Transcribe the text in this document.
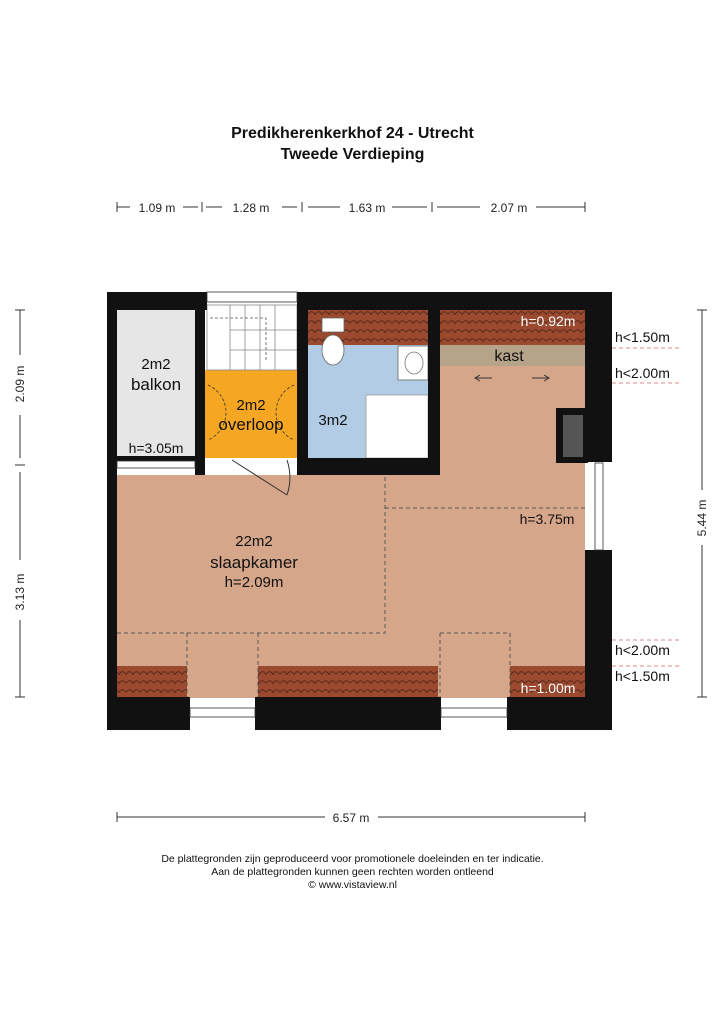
Predikherenkerkhof 24 - Utrecht
Tweede Verdieping
1.09 m	1.28 m	1.63 m	2.07 m
2.09 m
3.13 m
5.44 m
6.57 m
2m2
balkon
h=3.05m
2m2
overloop 3m2
kast
h=0.92m
h=1.00m
h=3.75m
22m2
slaapkamer
h=2.09m
h<1.50m
h<2.00m
h<2.00m
h<1.50m
De plattegronden zijn geproduceerd voor promotionele doeleinden en ter indicatie.
Aan de plattegronden kunnen geen rechten worden ontleend
© www.vistaview.nl
